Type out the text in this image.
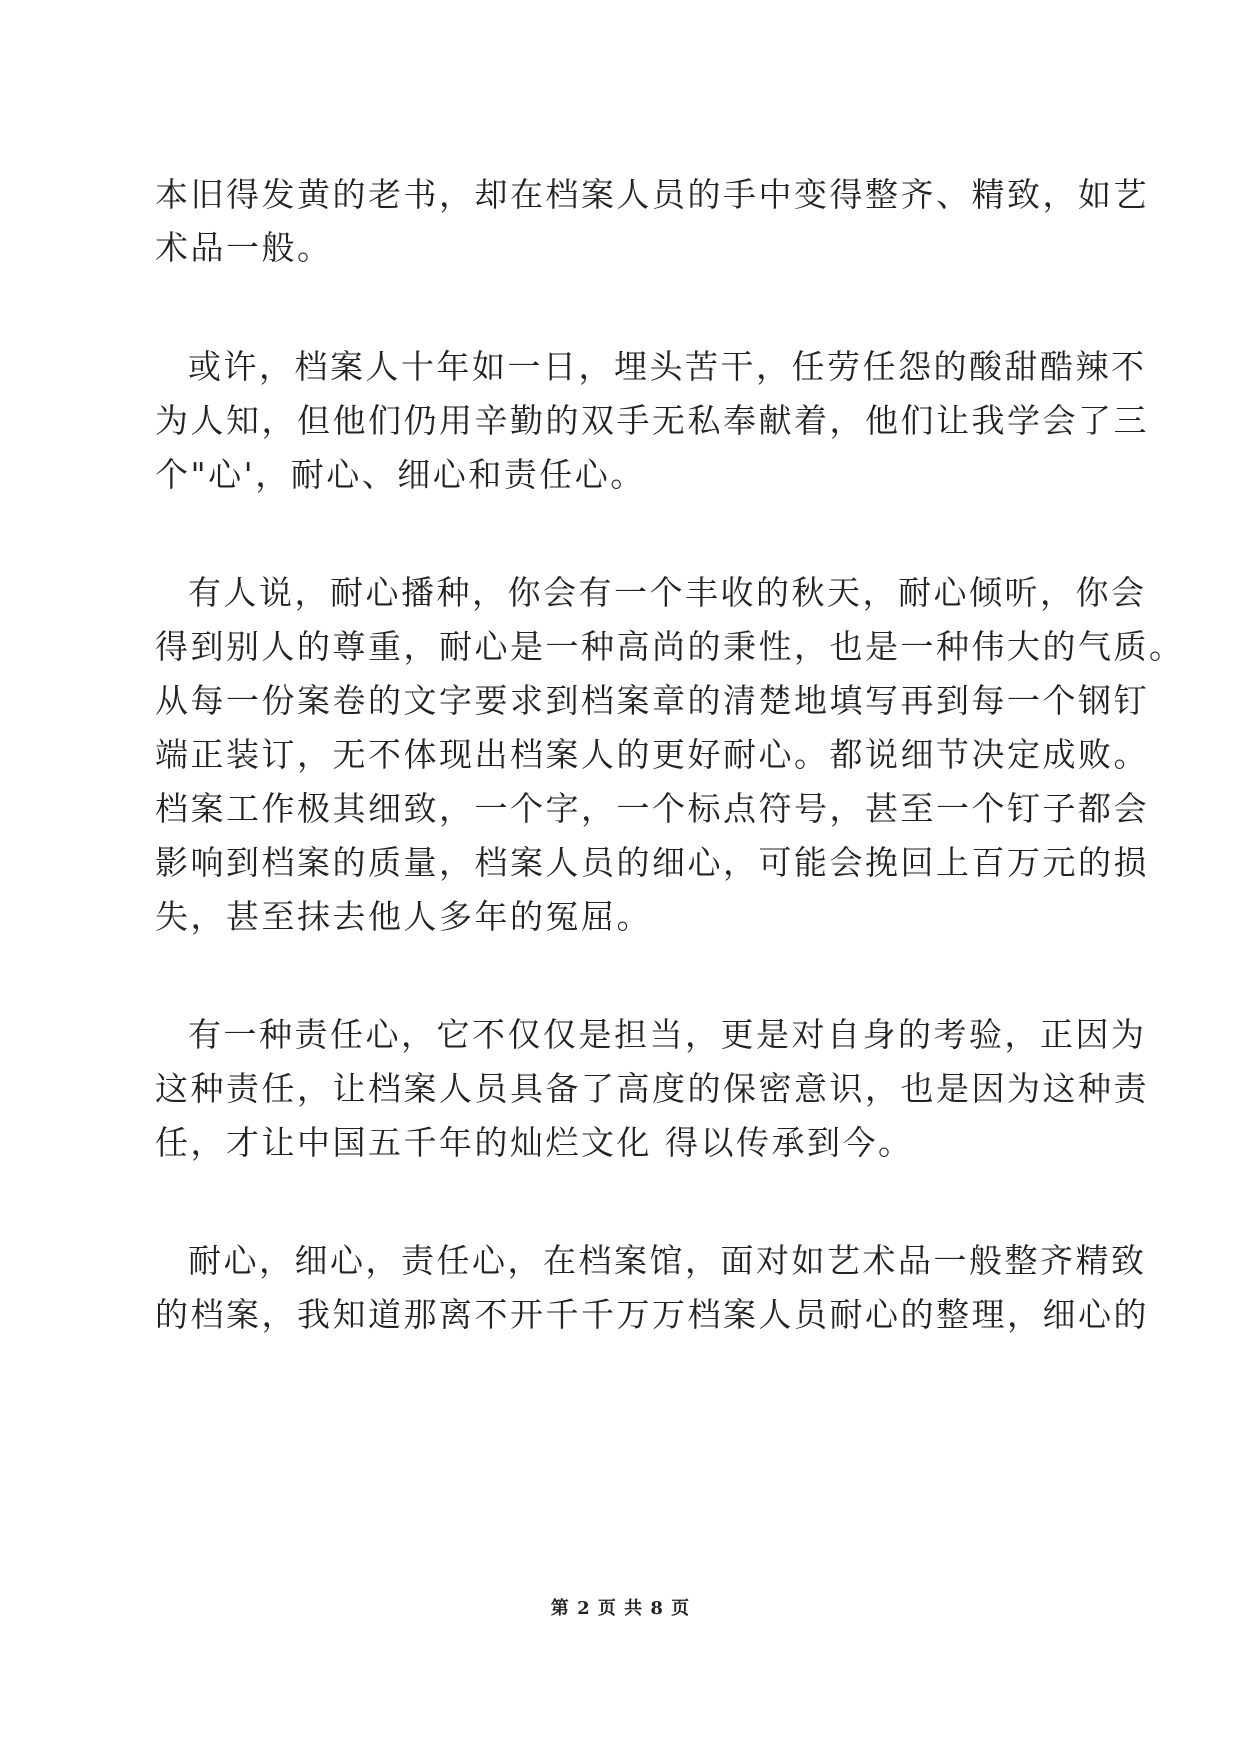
本旧得发黄的老书，却在档案人员的手中变得整齐、精致，如艺
术品一般。
或许，档案人十年如一日，埋头苦干，任劳任怨的酸甜酷辣不
为人知，但他们仍用辛勤的双手无私奉献着，他们让我学会了三
个"心'，耐心、细心和责任心。
有人说，耐心播种，你会有一个丰收的秋天，耐心倾听，你会
得到别人的尊重，耐心是一种高尚的秉性，也是一种伟大的气质。
从每一份案卷的文字要求到档案章的清楚地填写再到每一个钢钉
端正装订，无不体现出档案人的更好耐心。都说细节决定成败。
档案工作极其细致，一个字，一个标点符号，甚至一个钉子都会
影响到档案的质量，档案人员的细心，可能会挽回上百万元的损
失，甚至抹去他人多年的冤屈。
有一种责任心，它不仅仅是担当，更是对自身的考验，正因为
这种责任，让档案人员具备了高度的保密意识，也是因为这种责
任，才让中国五千年的灿烂文化 得以传承到今。
耐心，细心，责任心，在档案馆，面对如艺术品一般整齐精致
的档案，我知道那离不开千千万万档案人员耐心的整理，细心的
第 2 页 共 8 页
